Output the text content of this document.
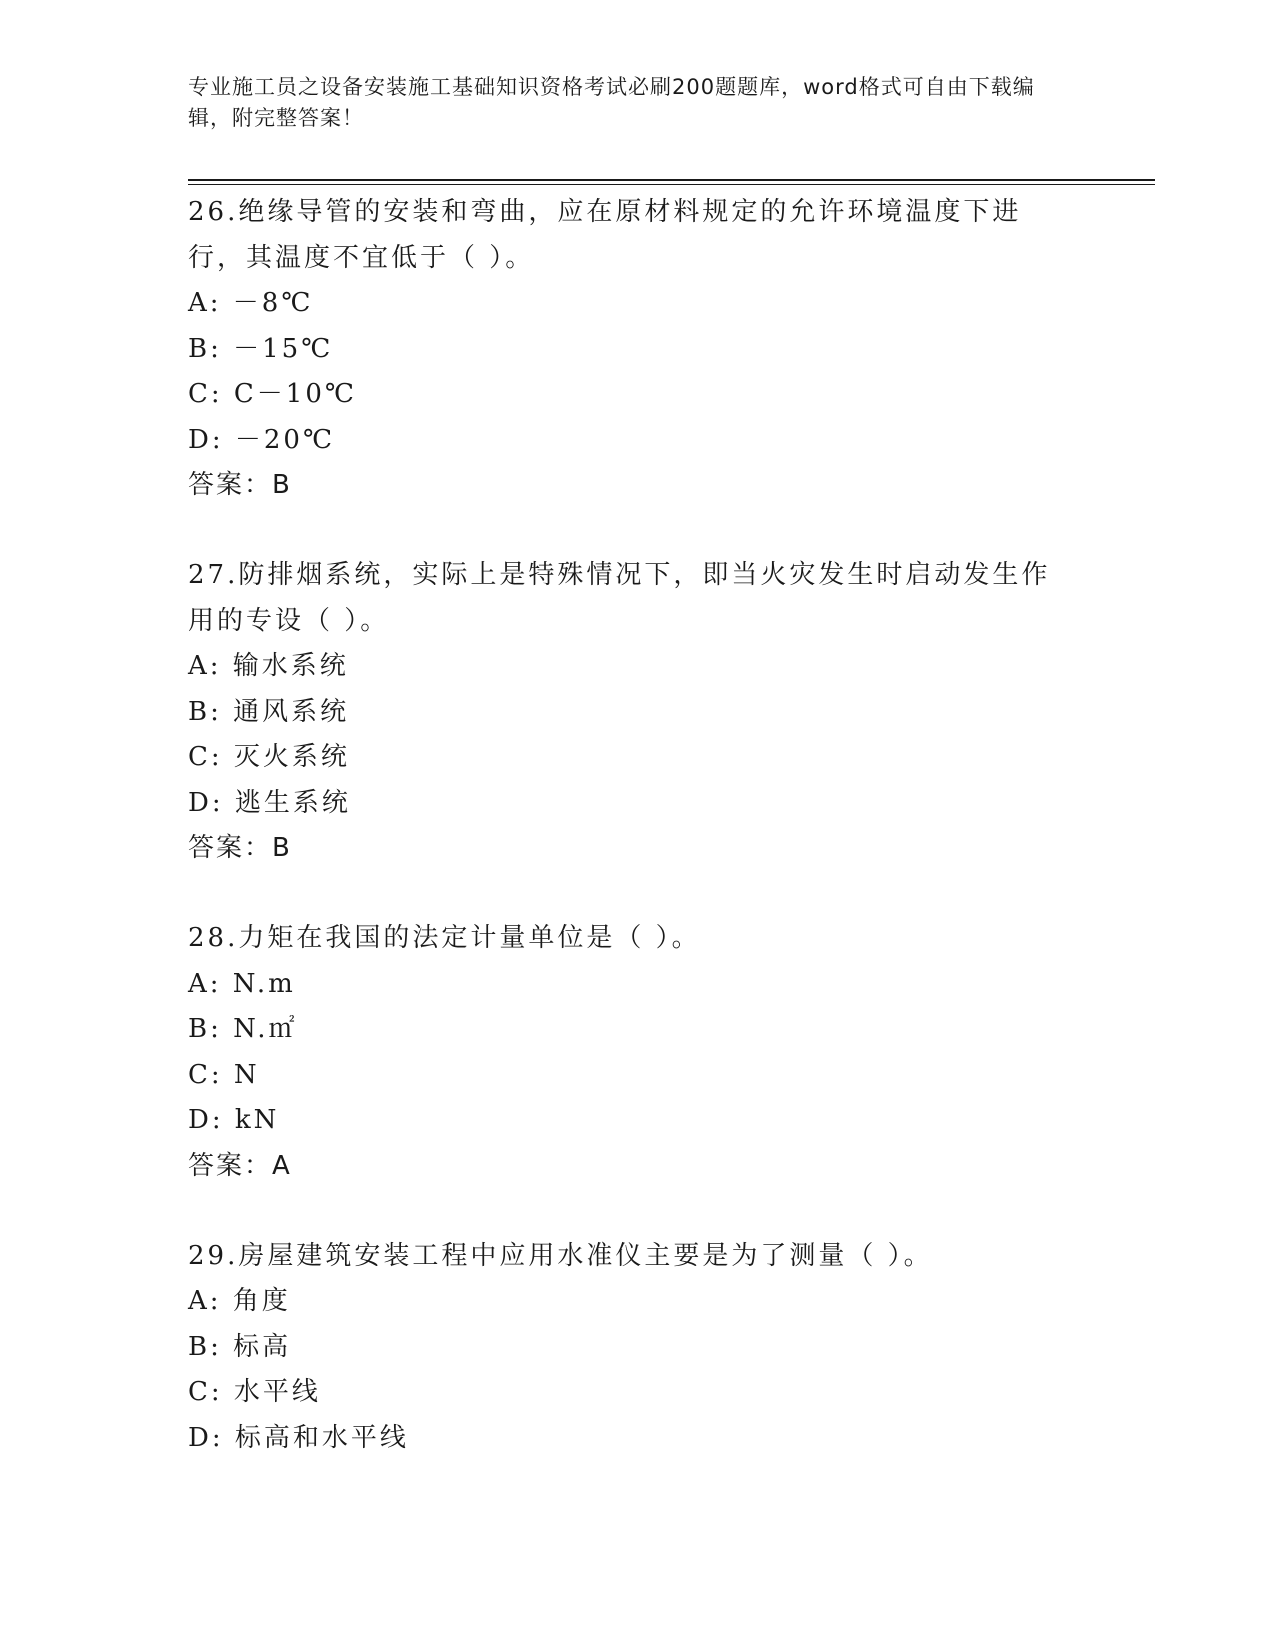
专业施工员之设备安装施工基础知识资格考试必刷200题题库，word格式可自由下载编辑，附完整答案！

26.绝缘导管的安装和弯曲，应在原材料规定的允许环境温度下进行，其温度不宜低于（ ）。

A: －8℃

B: －15℃

C: C－10℃

D: －20℃

答案：B

27.防排烟系统，实际上是特殊情况下，即当火灾发生时启动发生作用的专设（ ）。

A: 输水系统

B: 通风系统

C: 灭火系统

D: 逃生系统

答案：B

28.力矩在我国的法定计量单位是（ ）。

A: N.m

B: N.㎡

C: N

D: kN

答案：A

29.房屋建筑安装工程中应用水准仪主要是为了测量（ ）。

A: 角度

B: 标高

C: 水平线

D: 标高和水平线
